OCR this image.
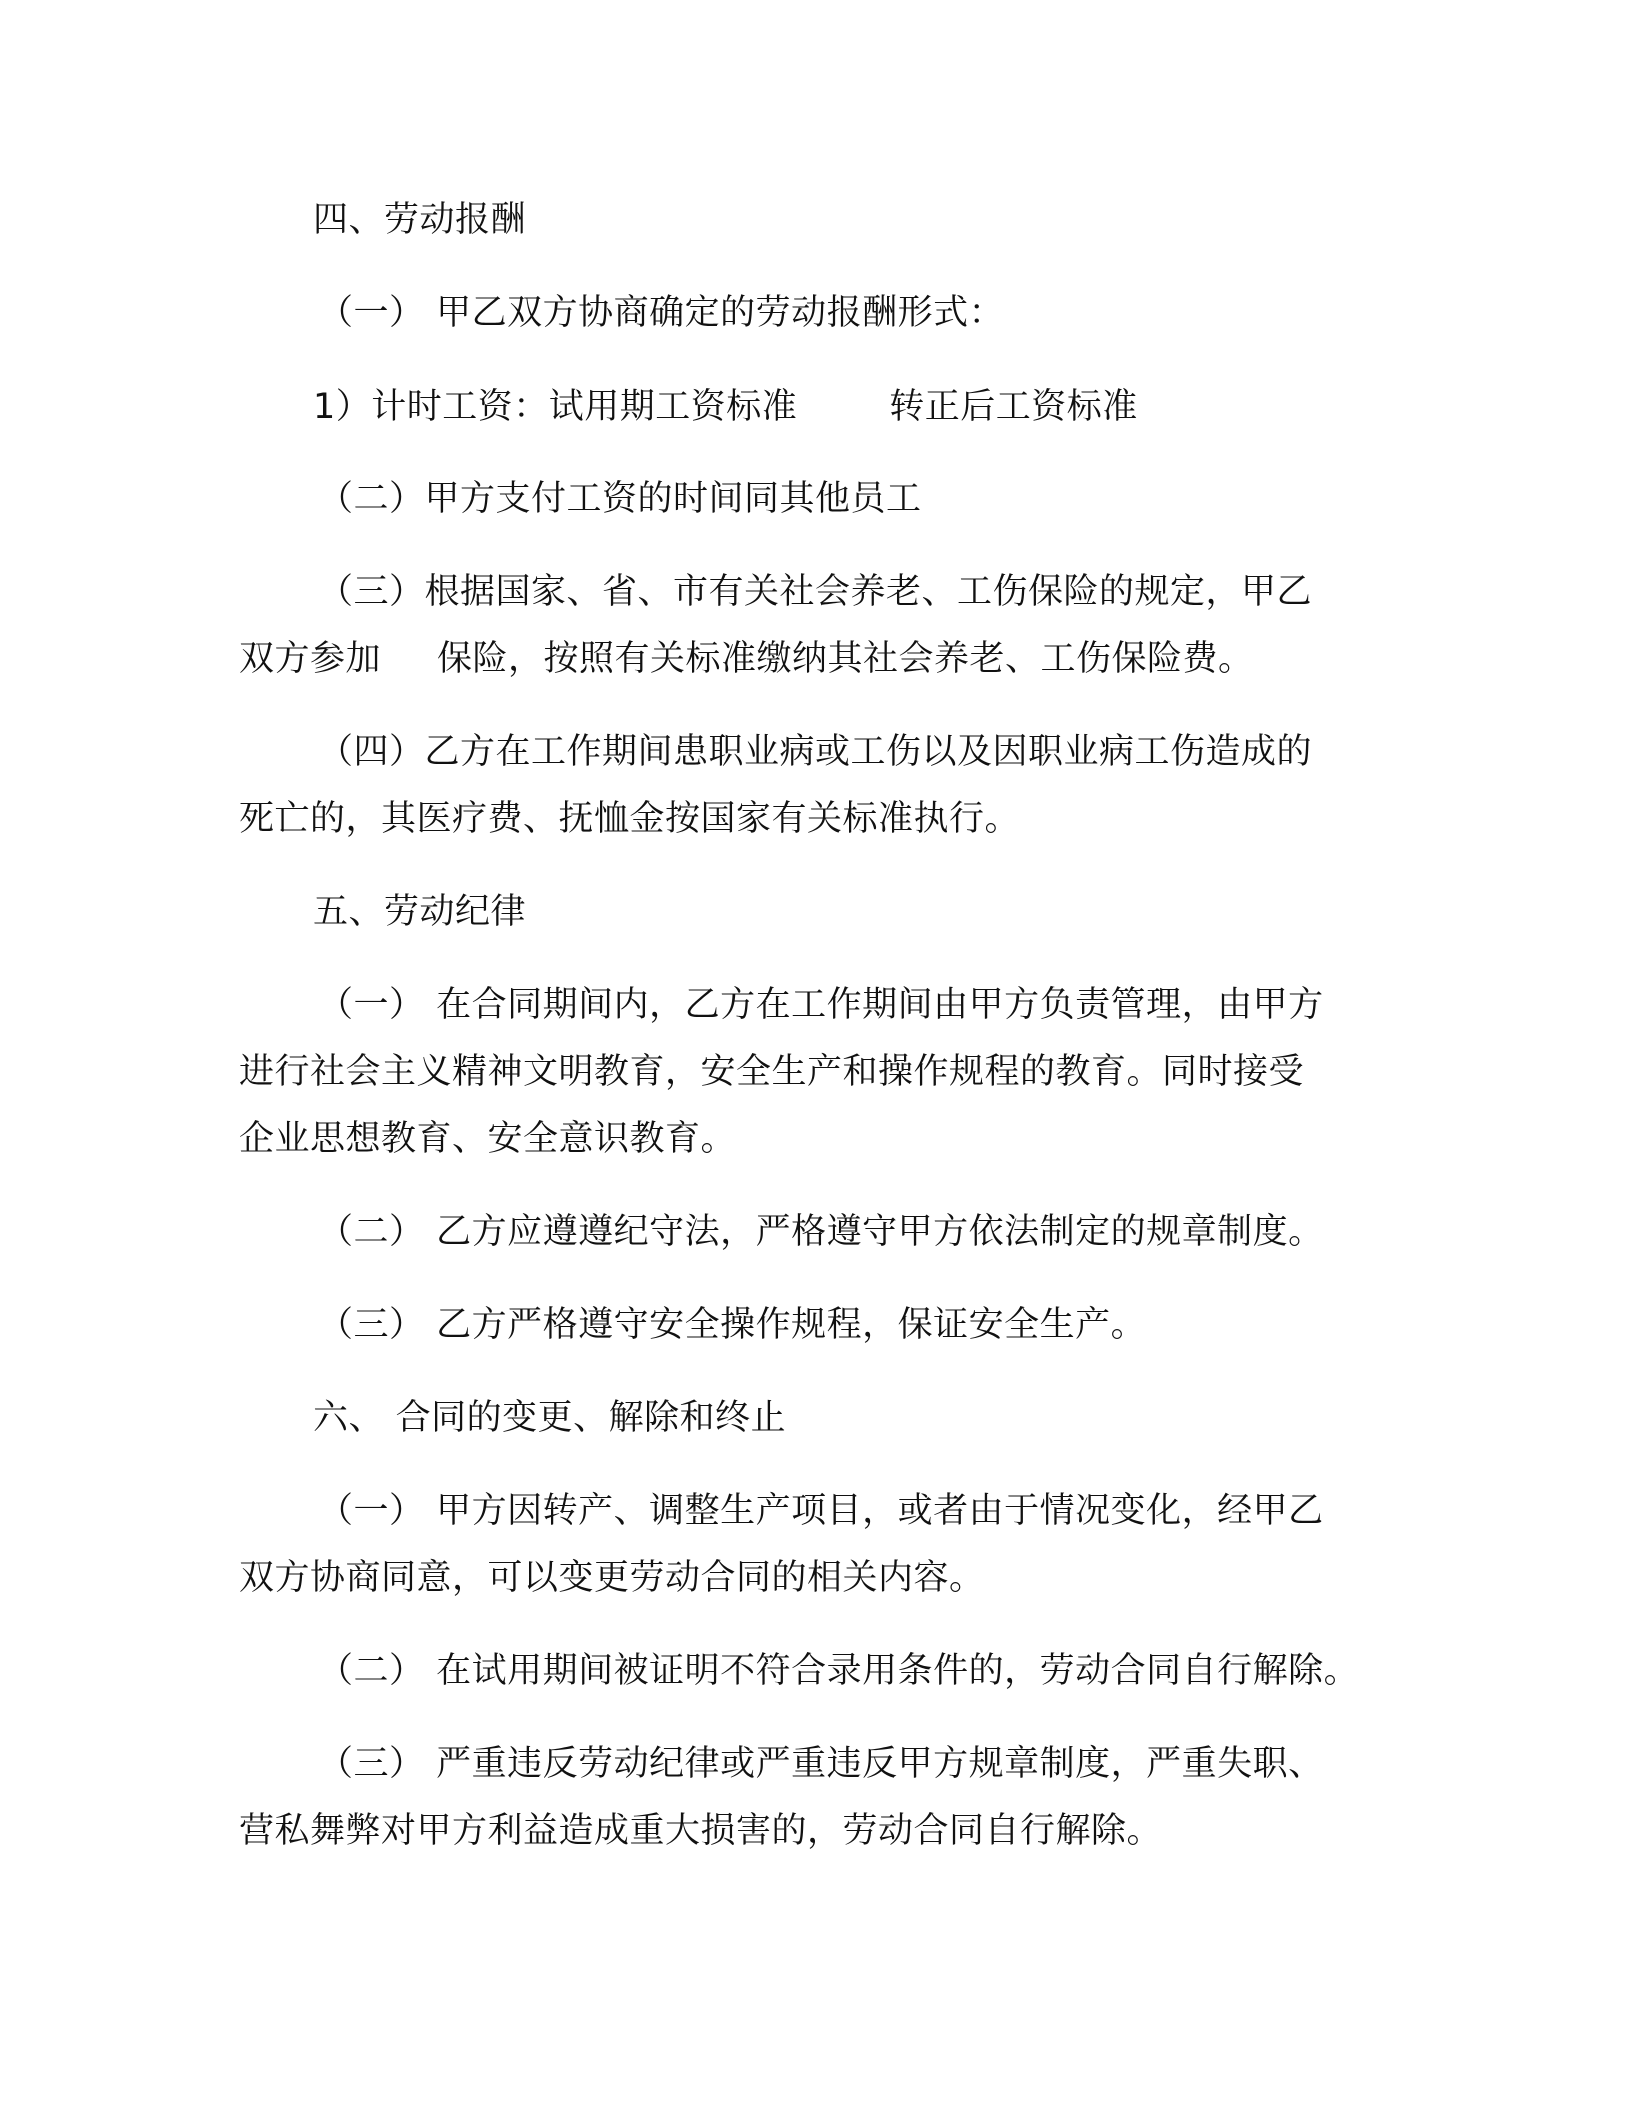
四、劳动报酬
（一） 甲乙双方协商确定的劳动报酬形式：
1）计时工资：试用期工资标准	转正后工资标准
（二）甲方支付工资的时间同其他员工
（三）根据国家、省、市有关社会养老、工伤保险的规定，甲乙
双方参加 保险，按照有关标准缴纳其社会养老、工伤保险费。
（四）乙方在工作期间患职业病或工伤以及因职业病工伤造成的
死亡的，其医疗费、抚恤金按国家有关标准执行。
五、劳动纪律
（一） 在合同期间内，乙方在工作期间由甲方负责管理，由甲方
进行社会主义精神文明教育，安全生产和操作规程的教育。同时接受
企业思想教育、安全意识教育。
（二） 乙方应遵遵纪守法，严格遵守甲方依法制定的规章制度。
（三） 乙方严格遵守安全操作规程，保证安全生产。
六、 合同的变更、解除和终止
（一） 甲方因转产、调整生产项目，或者由于情况变化，经甲乙
双方协商同意，可以变更劳动合同的相关内容。
（二） 在试用期间被证明不符合录用条件的，劳动合同自行解除。
（三） 严重违反劳动纪律或严重违反甲方规章制度，严重失职、
营私舞弊对甲方利益造成重大损害的，劳动合同自行解除。
